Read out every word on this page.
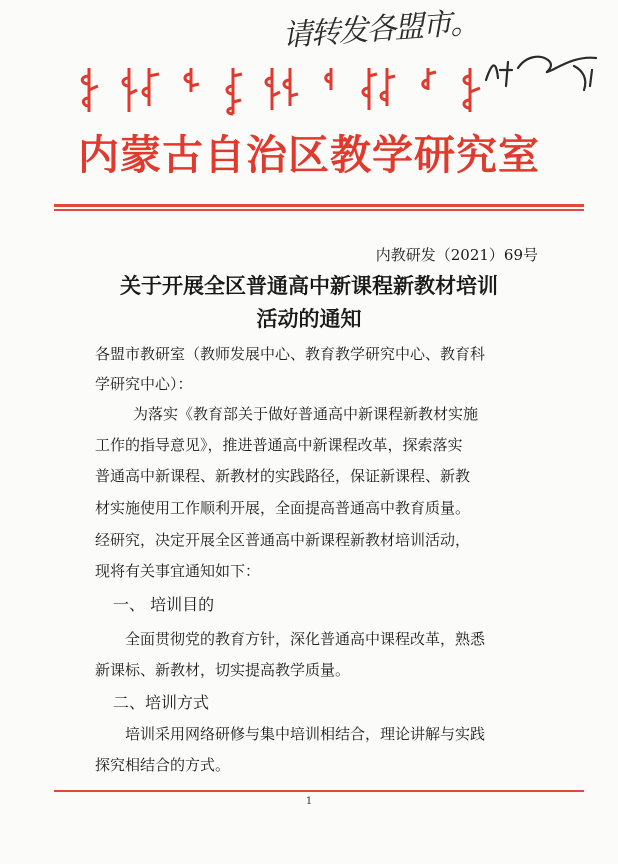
请转发各盟市。
内蒙古自治区教学研究室
内教研发（2021）69号
关于开展全区普通高中新课程新教材培训
活动的通知
各盟市教研室（教师发展中心、教育教学研究中心、教育科
学研究中心）：
为落实《教育部关于做好普通高中新课程新教材实施
工作的指导意见》，推进普通高中新课程改革，探索落实
普通高中新课程、新教材的实践路径，保证新课程、新教
材实施使用工作顺利开展，全面提高普通高中教育质量。
经研究，决定开展全区普通高中新课程新教材培训活动，
现将有关事宜通知如下：
一、 培训目的
全面贯彻党的教育方针，深化普通高中课程改革，熟悉
新课标、新教材，切实提高教学质量。
二、培训方式
培训采用网络研修与集中培训相结合，理论讲解与实践
探究相结合的方式。
1
